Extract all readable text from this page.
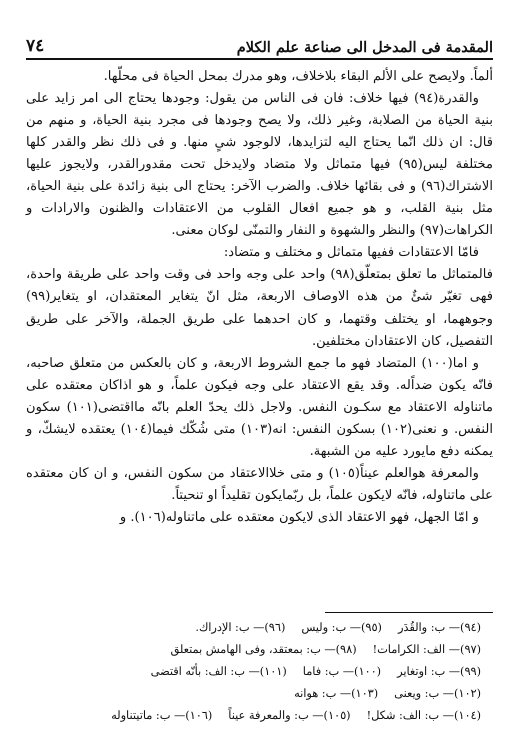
المقدمة فى المدخل الى صناعة علم الكلام
٧٤

ألماً. ولايصح على الألم البقاء بلاخلاف، وهو مدرك بمحل الحياة فى محلّها.

والقدرة(٩٤) فيها خلاف: فان فى الناس من يقول: وجودها يحتاج الى امر زايد على بنية الحياة من الصلابة، وغير ذلك، ولا يصح وجودها فى مجرد بنية الحياة، و منهم من قال: ان ذلك انّما يحتاج اليه لتزايدها، لالوجود شىٍ منها. و فى ذلك نظر والقدر كلها مختلفة ليس(٩٥) فيها متماثل ولا متضاد ولايدخل تحت مقدورالقدر، ولايجوز عليها الاشتراك(٩٦) و فى بقائها خلاف. والضرب الآخر: يحتاج الى بنية زائدة على بنية الحياة، مثل بنية القلب، و هو جميع افعال القلوب من الاعتقادات والظنون والارادات و الكراهات(٩٧) والنظر والشهوة و النفار والتمنّى لوكان معنى.

فامّا الاعتقادات ففيها متماثل و مختلف و متضاد:

فالمتماثل ما تعلق بمتعلّق(٩٨) واحد على وجه واحد فى وقت واحد على طريقة واحدة، فهى تغيّر شئٌ من هذه الاوصاف الاربعة، مثل انّ يتغاير المعتقدان، او يتغاير(٩٩) وجوههما، او يختلف وقتهما، و كان احدهما على طريق الجملة، والآخر على طريق التفصيل، كان الاعتقادان مختلفين.

و اما(١٠٠) المتضاد فهو ما جمع الشروط الاربعة، و كان بالعكس من متعلق صاحبه، فانّه يكون ضداًله. وقد يقع الاعتقاد على وجه فيكون علماً، و هو اذاكان معتقده على ماتناوله الاعتقاد مع سكـون النفس. ولاجل ذلك يحدّ العلم بانّه مااقتضى(١٠١) سكون النفس. و نعنى(١٠٢) بسكون النفس: انه(١٠٣) متى شُكّك فيما(١٠٤) يعتقده لايشكّ، و يمكنه دفع مايورد عليه من الشبهة.

والمعرفة هوالعلم عيناً(١٠٥) و متى خلاالاعتقاد من سكون النفس، و ان كان معتقده على ماتناوله، فانّه لايكون علماً، بل ربّمايكون تقليداً او تنحيتاً.

و امّا الجهل، فهو الاعتقاد الذى لايكون معتقده على ماتناوله(١٠٦). و

(٩٤)— ب: والقُدَر
(٩٥)— ب: وليس
(٩٦)— ب: الإدراك.
(٩٧)— الف: الكرامات!
(٩٨)— ب: بمعتقد، وفى الهامش بمتعلق
(٩٩)— ب: اوتغاير
(١٠٠)— ب: فاما
(١٠١)— ب: الف: بأنّه اقتضى
(١٠٢)— ب: ويعنى
(١٠٣)— ب: هوانه
(١٠٤)— ب: الف: شكل!
(١٠٥)— ب: والمعرفة عيناً
(١٠٦)— ب: ماتيتناوله
